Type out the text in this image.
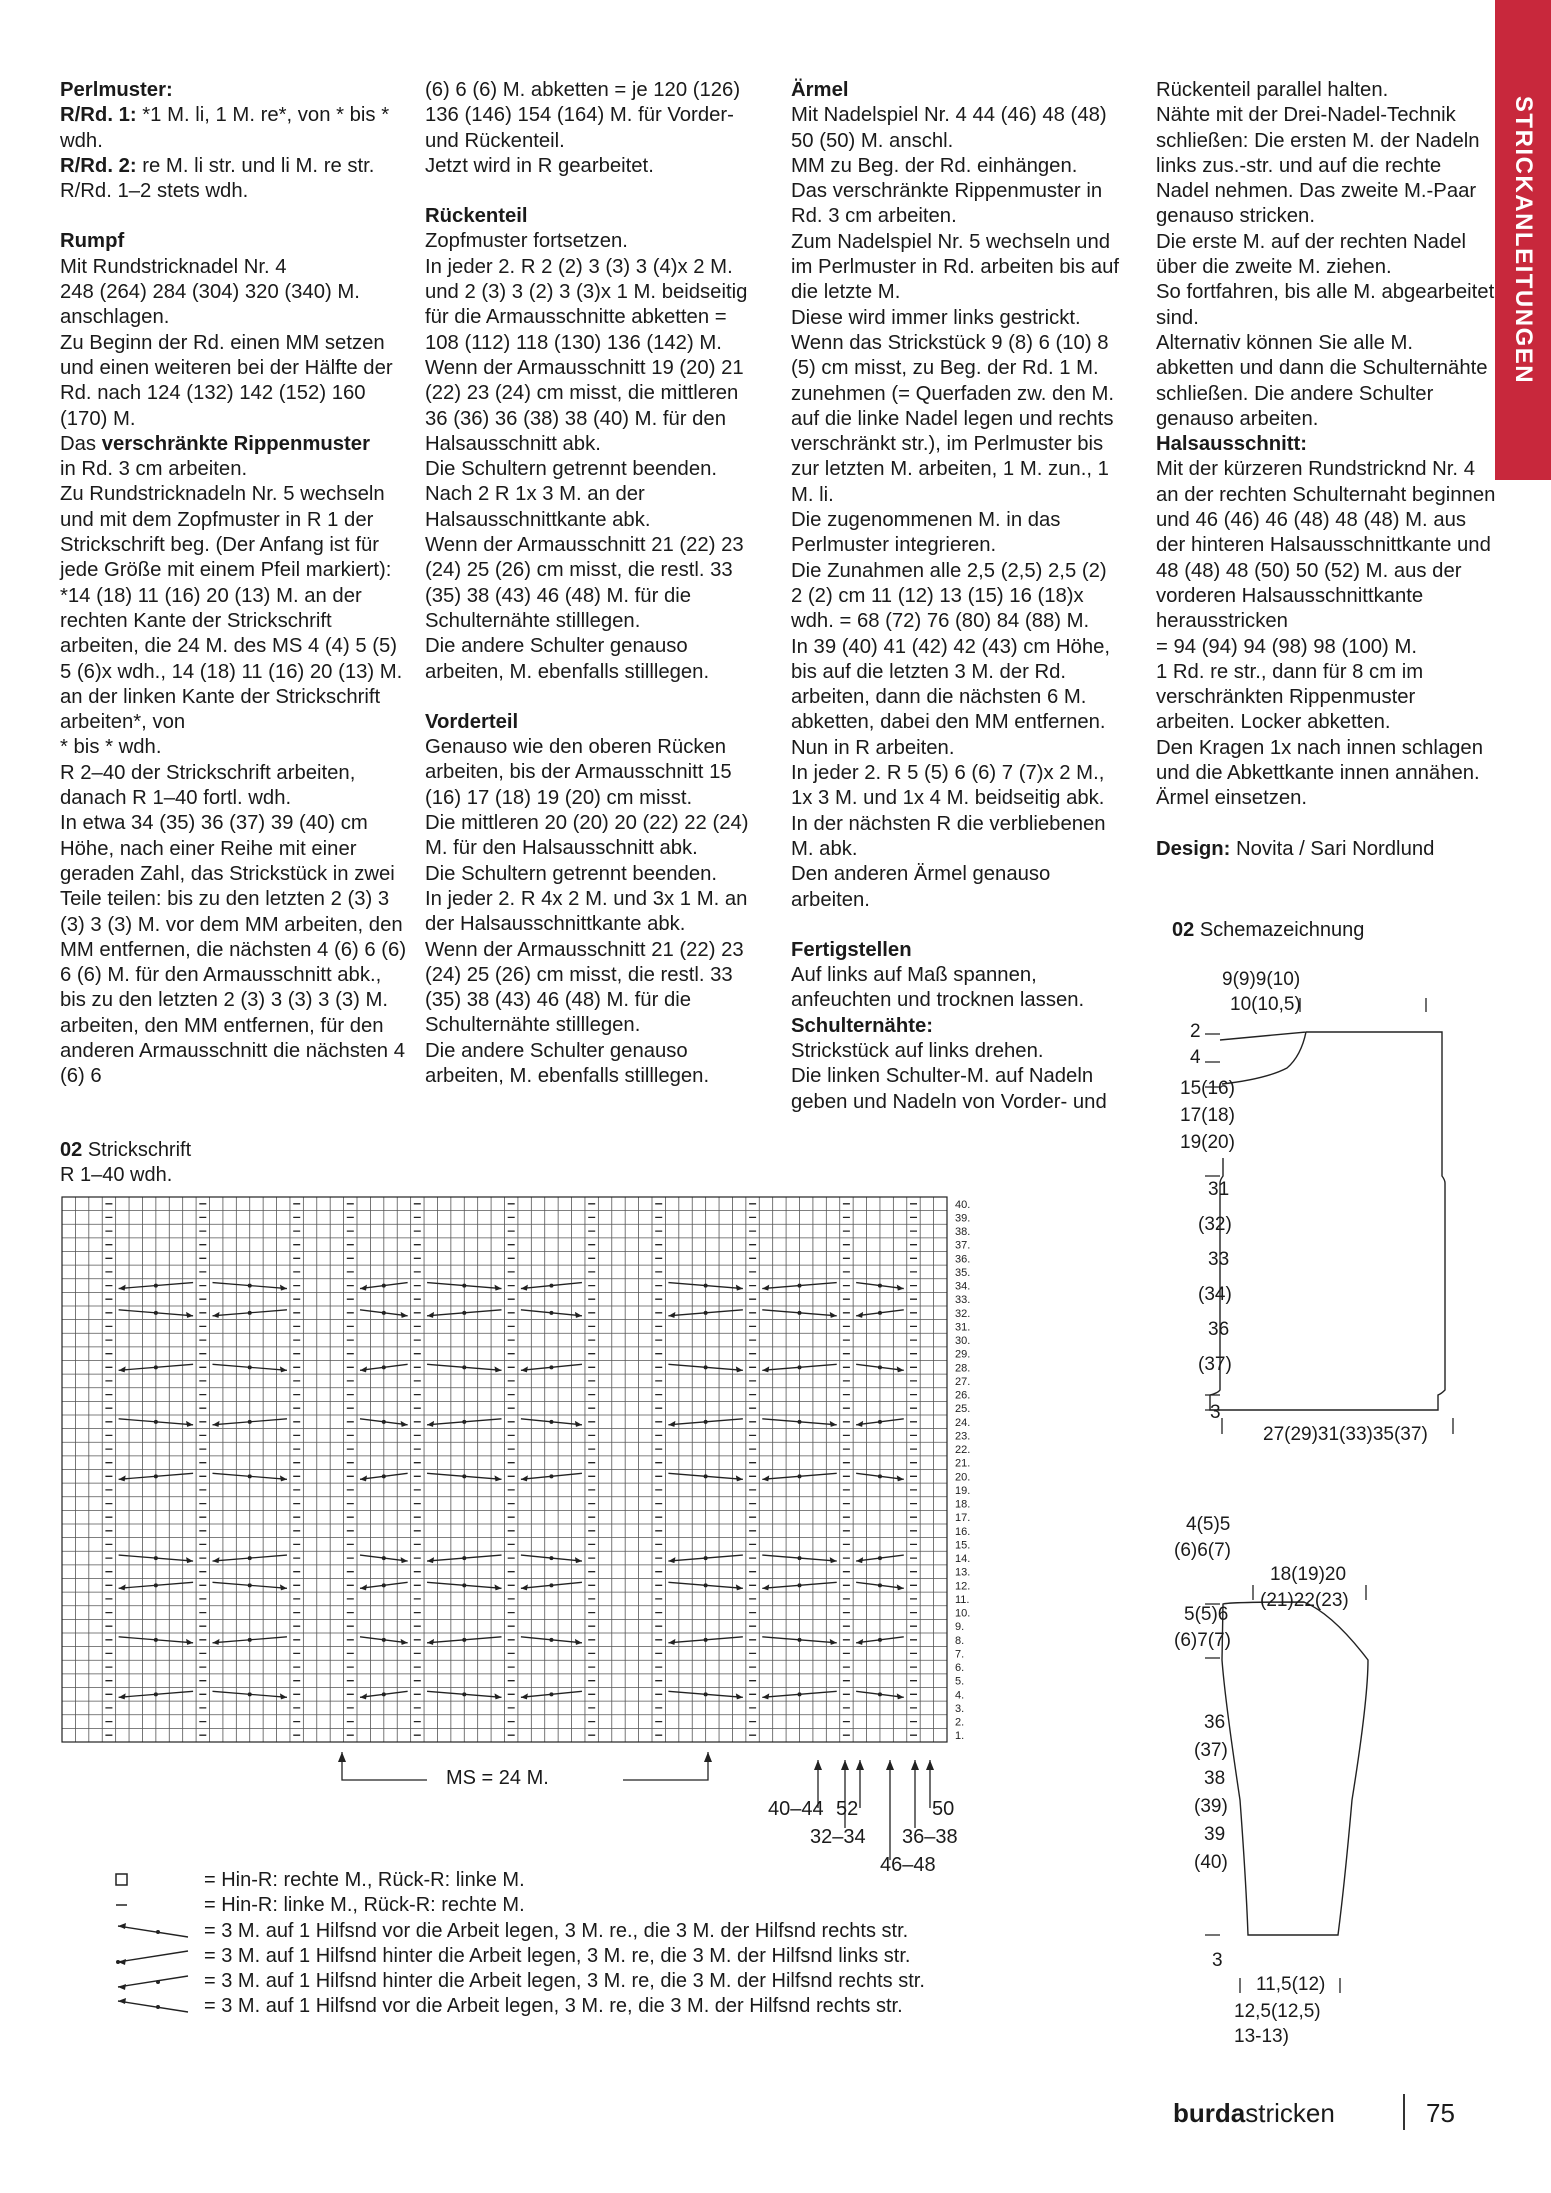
STRICKANLEITUNGEN
Perlmuster:

R/Rd. 1: *1 M. li, 1 M. re*, von * bis * wdh.

R/Rd. 2: re M. li str. und li M. re str.

R/Rd. 1–2 stets wdh.

Rumpf

Mit Rundstricknadel Nr. 4
248 (264) 284 (304) 320 (340) M. anschlagen.
Zu Beginn der Rd. einen MM setzen und einen weiteren bei der Hälfte der Rd. nach 124 (132) 142 (152) 160 (170) M.

Das verschränkte Rippenmuster
in Rd. 3 cm arbeiten.

Zu Rundstricknadeln Nr. 5 wechseln und mit dem Zopfmuster in R 1 der Strickschrift beg. (Der Anfang ist für jede Größe mit einem Pfeil markiert): *14 (18) 11 (16) 20 (13) M. an der rechten Kante der Strickschrift arbeiten, die 24 M. des MS 4 (4) 5 (5) 5 (6)x wdh., 14 (18) 11 (16) 20 (13) M. an der linken Kante der Strickschrift arbeiten*, von
* bis * wdh.
R 2–40 der Strickschrift arbeiten, danach R 1–40 fortl. wdh.
In etwa 34 (35) 36 (37) 39 (40) cm Höhe, nach einer Reihe mit einer geraden Zahl, das Strickstück in zwei Teile teilen: bis zu den letzten 2 (3) 3 (3) 3 (3) M. vor dem MM arbeiten, den MM entfernen, die nächsten 4 (6) 6 (6) 6 (6) M. für den Armausschnitt abk., bis zu den letzten 2 (3) 3 (3) 3 (3) M. arbeiten, den MM entfernen, für den anderen Armausschnitt die nächsten 4 (6) 6

(6) 6 (6) M. abketten = je 120 (126) 136 (146) 154 (164) M. für Vorder- und Rückenteil.
Jetzt wird in R gearbeitet.

Rückenteil

Zopfmuster fortsetzen.
In jeder 2. R 2 (2) 3 (3) 3 (4)x 2 M. und 2 (3) 3 (2) 3 (3)x 1 M. beidseitig für die Armausschnitte abketten = 108 (112) 118 (130) 136 (142) M.
Wenn der Armausschnitt 19 (20) 21 (22) 23 (24) cm misst, die mittleren 36 (36) 36 (38) 38 (40) M. für den Halsausschnitt abk.
Die Schultern getrennt beenden.
Nach 2 R 1x 3 M. an der Halsausschnittkante abk.
Wenn der Armausschnitt 21 (22) 23 (24) 25 (26) cm misst, die restl. 33 (35) 38 (43) 46 (48) M. für die Schulternähte stilllegen.
Die andere Schulter genauso arbeiten, M. ebenfalls stilllegen.

Vorderteil

Genauso wie den oberen Rücken arbeiten, bis der Armausschnitt 15 (16) 17 (18) 19 (20) cm misst.
Die mittleren 20 (20) 20 (22) 22 (24) M. für den Halsausschnitt abk.
Die Schultern getrennt beenden.
In jeder 2. R 4x 2 M. und 3x 1 M. an der Halsausschnittkante abk.
Wenn der Armausschnitt 21 (22) 23 (24) 25 (26) cm misst, die restl. 33 (35) 38 (43) 46 (48) M. für die Schulternähte stilllegen.
Die andere Schulter genauso arbeiten, M. ebenfalls stilllegen.

Ärmel

Mit Nadelspiel Nr. 4 44 (46) 48 (48) 50 (50) M. anschl.
MM zu Beg. der Rd. einhängen.
Das verschränkte Rippenmuster in Rd. 3 cm arbeiten.
Zum Nadelspiel Nr. 5 wechseln und im Perlmuster in Rd. arbeiten bis auf die letzte M.
Diese wird immer links gestrickt.
Wenn das Strickstück 9 (8) 6 (10) 8 (5) cm misst, zu Beg. der Rd. 1 M. zunehmen (= Querfaden zw. den M. auf die linke Nadel legen und rechts verschränkt str.), im Perlmuster bis zur letzten M. arbeiten, 1 M. zun., 1 M. li.
Die zugenommenen M. in das Perlmuster integrieren.
Die Zunahmen alle 2,5 (2,5) 2,5 (2) 2 (2) cm 11 (12) 13 (15) 16 (18)x wdh. = 68 (72) 76 (80) 84 (88) M.
In 39 (40) 41 (42) 42 (43) cm Höhe, bis auf die letzten 3 M. der Rd. arbeiten, dann die nächsten 6 M. abketten, dabei den MM entfernen.
Nun in R arbeiten.
In jeder 2. R 5 (5) 6 (6) 7 (7)x 2 M., 1x 3 M. und 1x 4 M. beidseitig abk.
In der nächsten R die verbliebenen M. abk.
Den anderen Ärmel genauso arbeiten.

Fertigstellen

Auf links auf Maß spannen, anfeuchten und trocknen lassen.

Schulternähte:

Strickstück auf links drehen.
Die linken Schulter-M. auf Nadeln geben und Nadeln von Vorder- und

Rückenteil parallel halten.
Nähte mit der Drei-Nadel-Technik schließen: Die ersten M. der Nadeln links zus.-str. und auf die rechte Nadel nehmen. Das zweite M.-Paar genauso stricken.
Die erste M. auf der rechten Nadel über die zweite M. ziehen.
So fortfahren, bis alle M. abgearbeitet sind.
Alternativ können Sie alle M. abketten und dann die Schulternähte schließen. Die andere Schulter genauso arbeiten.

Halsausschnitt:

Mit der kürzeren Rundstricknd Nr. 4 an der rechten Schulternaht beginnen und 46 (46) 46 (48) 48 (48) M. aus der hinteren Halsausschnittkante und 48 (48) 48 (50) 50 (52) M. aus der vorderen Halsausschnittkante herausstricken
= 94 (94) 94 (98) 98 (100) M.
1 Rd. re str., dann für 8 cm im verschränkten Rippenmuster arbeiten. Locker abketten.
Den Kragen 1x nach innen schlagen und die Abkettkante innen annähen.
Ärmel einsetzen.

Design: Novita / Sari Nordlund

02 Strickschrift
R 1–40 wdh.
1.
2.
3.
4.
5.
6.
7.
8.
9.
10.
11.
12.
13.
14.
15.
16.
17.
18.
19.
20.
21.
22.
23.
24.
25.
26.
27.
28.
29.
30.
31.
32.
33.
34.
35.
36.
37.
38.
39.
40.
MS = 24 M.
40–44 52	50
32–34 36–38
46–48
9(9)9(10)
10(10,5)
2
4
15(16)
17(18)
19(20)
31
(32)
33
(34)
36
(37)
3
27(29)31(33)35(37)
4(5)5
(6)6(7)
18(19)20
(21)22(23)
5(5)6
(6)7(7)
36
(37)
38
(39)
39
(40)
3
11,5(12)
12,5(12,5)
13-13)
02 Schemazeichnung
= Hin-R: rechte M., Rück-R: linke M.
= Hin-R: linke M., Rück-R: rechte M.
= 3 M. auf 1 Hilfsnd vor die Arbeit legen, 3 M. re., die 3 M. der Hilfsnd rechts str.
= 3 M. auf 1 Hilfsnd hinter die Arbeit legen, 3 M. re, die 3 M. der Hilfsnd links str.
= 3 M. auf 1 Hilfsnd hinter die Arbeit legen, 3 M. re, die 3 M. der Hilfsnd rechts str.
= 3 M. auf 1 Hilfsnd vor die Arbeit legen, 3 M. re, die 3 M. der Hilfsnd rechts str.
burdastricken	75
